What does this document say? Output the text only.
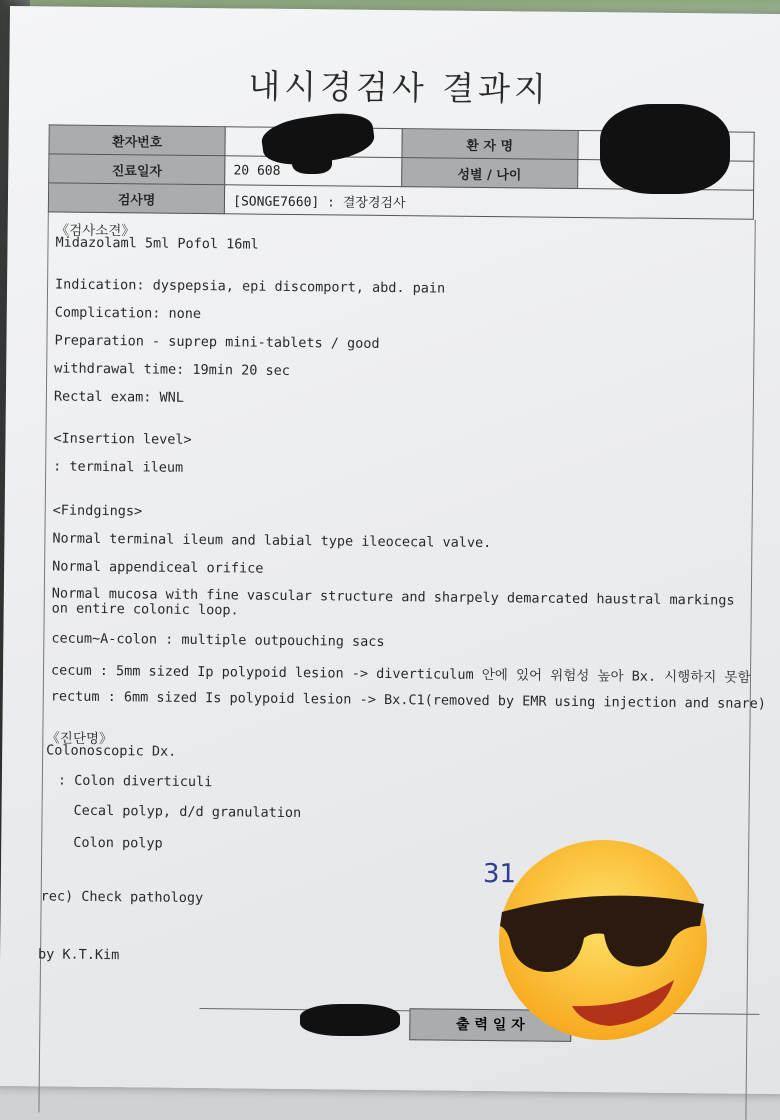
내시경검사 결과지
환자번호		환 자 명	
진료일자	20 608	성별 / 나이	
검사명	[SONGE7660] : 결장경검사		
《검사소견》
Midazolaml 5ml Pofol 16ml
Indication: dyspepsia, epi discomport, abd. pain
Complication: none
Preparation - suprep mini-tablets / good
withdrawal time: 19min 20 sec
Rectal exam: WNL
<Insertion level>
: terminal ileum
<Findgings>
Normal terminal ileum and labial type ileocecal valve.
Normal appendiceal orifice
Normal mucosa with fine vascular structure and sharpely demarcated haustral markings on entire colonic loop.
cecum~A-colon : multiple outpouching sacs
cecum : 5mm sized Ip polypoid lesion -> diverticulum 안에 있어 위험성 높아 Bx. 시행하지 못함
rectum : 6mm sized Is polypoid lesion -> Bx.C1(removed by EMR using injection and snare)
《진단명》
Colonoscopic Dx.
: Colon diverticuli
Cecal polyp, d/d granulation
Colon polyp
rec) Check pathology
by K.T.Kim
31
출 력 일 자
